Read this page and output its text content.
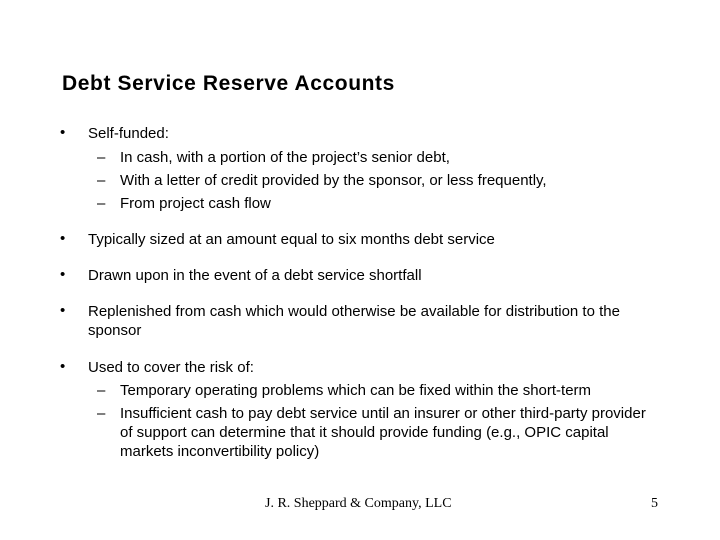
Debt Service Reserve Accounts
• Self-funded:
– In cash, with a portion of the project’s senior debt,
– With a letter of credit provided by the sponsor, or less frequently,
– From project cash flow
• Typically sized at an amount equal to six months debt service
• Drawn upon in the event of a debt service shortfall
• Replenished from cash which would otherwise be available for distribution to the sponsor
• Used to cover the risk of:
– Temporary operating problems which can be fixed within the short-term
– Insufficient cash to pay debt service until an insurer or other third-party provider of support can determine that it should provide funding (e.g., OPIC capital markets inconvertibility policy)
J. R. Sheppard & Company, LLC	5
